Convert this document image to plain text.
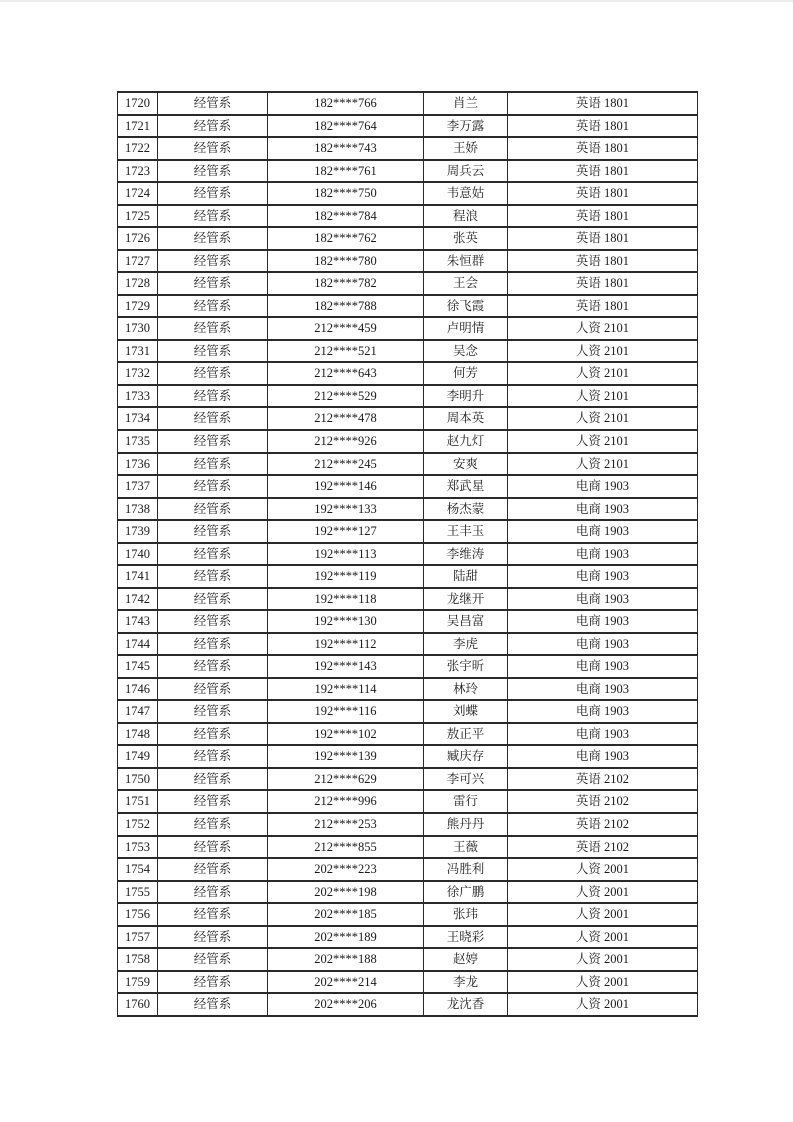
1720	经管系	182****766	肖兰	英语 1801
1721	经管系	182****764	李万露	英语 1801
1722	经管系	182****743	王娇	英语 1801
1723	经管系	182****761	周兵云	英语 1801
1724	经管系	182****750	韦意姑	英语 1801
1725	经管系	182****784	程浪	英语 1801
1726	经管系	182****762	张英	英语 1801
1727	经管系	182****780	朱恒群	英语 1801
1728	经管系	182****782	王会	英语 1801
1729	经管系	182****788	徐飞霞	英语 1801
1730	经管系	212****459	卢明情	人资 2101
1731	经管系	212****521	吴念	人资 2101
1732	经管系	212****643	何芳	人资 2101
1733	经管系	212****529	李明升	人资 2101
1734	经管系	212****478	周本英	人资 2101
1735	经管系	212****926	赵九灯	人资 2101
1736	经管系	212****245	安爽	人资 2101
1737	经管系	192****146	郑武星	电商 1903
1738	经管系	192****133	杨杰蒙	电商 1903
1739	经管系	192****127	王丰玉	电商 1903
1740	经管系	192****113	李维涛	电商 1903
1741	经管系	192****119	陆甜	电商 1903
1742	经管系	192****118	龙继开	电商 1903
1743	经管系	192****130	吴昌富	电商 1903
1744	经管系	192****112	李虎	电商 1903
1745	经管系	192****143	张宇昕	电商 1903
1746	经管系	192****114	林玲	电商 1903
1747	经管系	192****116	刘蝶	电商 1903
1748	经管系	192****102	敖正平	电商 1903
1749	经管系	192****139	臧庆存	电商 1903
1750	经管系	212****629	李可兴	英语 2102
1751	经管系	212****996	雷行	英语 2102
1752	经管系	212****253	熊丹丹	英语 2102
1753	经管系	212****855	王薇	英语 2102
1754	经管系	202****223	冯胜利	人资 2001
1755	经管系	202****198	徐广鹏	人资 2001
1756	经管系	202****185	张玮	人资 2001
1757	经管系	202****189	王晓彩	人资 2001
1758	经管系	202****188	赵婷	人资 2001
1759	经管系	202****214	李龙	人资 2001
1760	经管系	202****206	龙沈香	人资 2001
